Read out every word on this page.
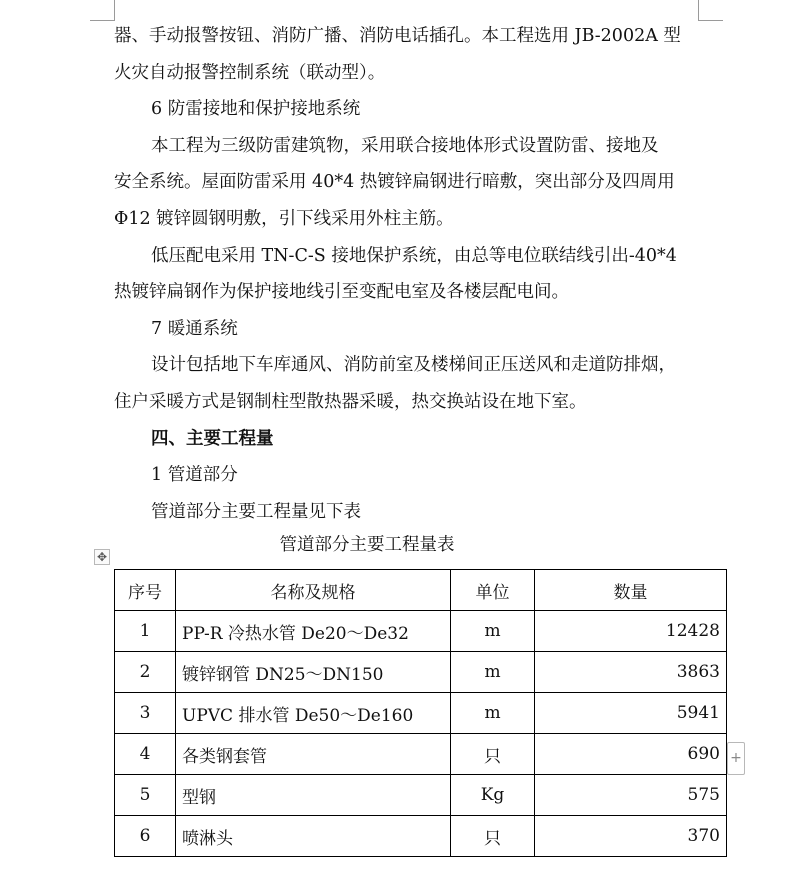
器、手动报警按钮、消防广播、消防电话插孔。本工程选用 JB-2002A 型
火灾自动报警控制系统（联动型）。
6 防雷接地和保护接地系统
本工程为三级防雷建筑物，采用联合接地体形式设置防雷、接地及
安全系统。屋面防雷采用 40*4 热镀锌扁钢进行暗敷，突出部分及四周用
Φ12 镀锌圆钢明敷，引下线采用外柱主筋。
低压配电采用 TN-C-S 接地保护系统，由总等电位联结线引出-40*4
热镀锌扁钢作为保护接地线引至变配电室及各楼层配电间。
7 暖通系统
设计包括地下车库通风、消防前室及楼梯间正压送风和走道防排烟，
住户采暖方式是钢制柱型散热器采暖，热交换站设在地下室。
四、主要工程量
1 管道部分
管道部分主要工程量见下表
管道部分主要工程量表
✥
序号	名称及规格	单位	数量
1	PP-R 冷热水管 De20～De32	m	12428
2	镀锌钢管 DN25～DN150	m	3863
3	UPVC 排水管 De50～De160	m	5941
4	各类钢套管	只	690
5	型钢	Kg	575
6	喷淋头	只	370
+
